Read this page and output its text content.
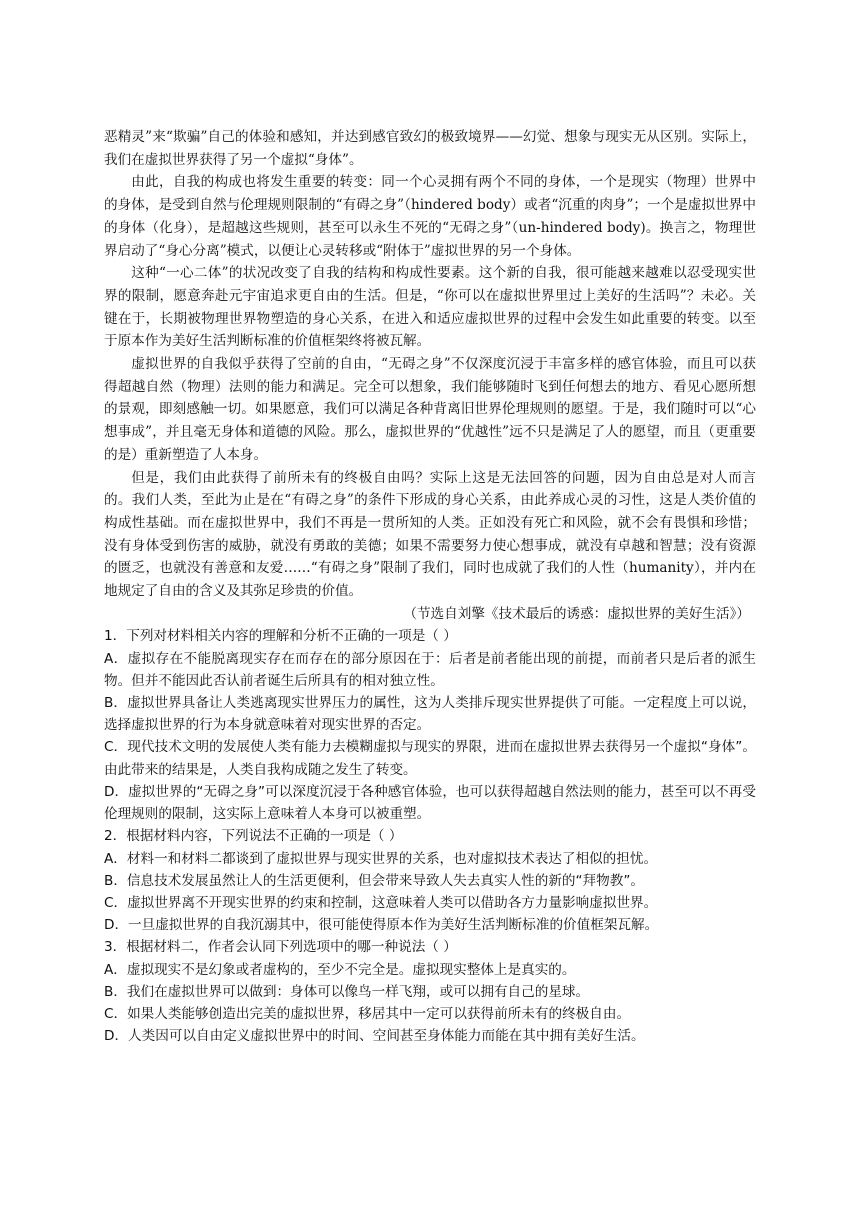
恶精灵”来“欺骗”自己的体验和感知，并达到感官致幻的极致境界——幻觉、想象与现实无从区别。实际上，我们在虚拟世界获得了另一个虚拟“身体”。

由此，自我的构成也将发生重要的转变：同一个心灵拥有两个不同的身体，一个是现实（物理）世界中的身体，是受到自然与伦理规则限制的“有碍之身”（hindered body）或者“沉重的肉身”；一个是虚拟世界中的身体（化身），是超越这些规则，甚至可以永生不死的“无碍之身”（un-hindered body)。换言之，物理世界启动了“身心分离”模式，以便让心灵转移或“附体于”虚拟世界的另一个身体。

这种“一心二体”的状况改变了自我的结构和构成性要素。这个新的自我，很可能越来越难以忍受现实世界的限制，愿意奔赴元宇宙追求更自由的生活。但是，“你可以在虚拟世界里过上美好的生活吗”？未必。关键在于，长期被物理世界物塑造的身心关系，在进入和适应虚拟世界的过程中会发生如此重要的转变。以至于原本作为美好生活判断标准的价值框架终将被瓦解。

虚拟世界的自我似乎获得了空前的自由，“无碍之身”不仅深度沉浸于丰富多样的感官体验，而且可以获得超越自然（物理）法则的能力和满足。完全可以想象，我们能够随时飞到任何想去的地方、看见心愿所想的景观，即刻感触一切。如果愿意，我们可以满足各种背离旧世界伦理规则的愿望。于是，我们随时可以“心想事成”，并且毫无身体和道德的风险。那么，虚拟世界的“优越性”远不只是满足了人的愿望，而且（更重要的是）重新塑造了人本身。

但是，我们由此获得了前所未有的终极自由吗？实际上这是无法回答的问题，因为自由总是对人而言的。我们人类，至此为止是在“有碍之身”的条件下形成的身心关系，由此养成心灵的习性，这是人类价值的构成性基础。而在虚拟世界中，我们不再是一贯所知的人类。正如没有死亡和风险，就不会有畏惧和珍惜；没有身体受到伤害的威胁，就没有勇敢的美德；如果不需要努力使心想事成，就没有卓越和智慧；没有资源的匮乏，也就没有善意和友爱……“有碍之身”限制了我们，同时也成就了我们的人性（humanity），并内在地规定了自由的含义及其弥足珍贵的价值。

（节选自刘擎《技术最后的诱惑：虚拟世界的美好生活》）

1．下列对材料相关内容的理解和分析不正确的一项是（ ）

A．虚拟存在不能脱离现实存在而存在的部分原因在于：后者是前者能出现的前提，而前者只是后者的派生物。但并不能因此否认前者诞生后所具有的相对独立性。

B．虚拟世界具备让人类逃离现实世界压力的属性，这为人类排斥现实世界提供了可能。一定程度上可以说，选择虚拟世界的行为本身就意味着对现实世界的否定。

C．现代技术文明的发展使人类有能力去模糊虚拟与现实的界限，进而在虚拟世界去获得另一个虚拟“身体”。由此带来的结果是，人类自我构成随之发生了转变。

D．虚拟世界的“无碍之身”可以深度沉浸于各种感官体验，也可以获得超越自然法则的能力，甚至可以不再受伦理规则的限制，这实际上意味着人本身可以被重塑。

2．根据材料内容，下列说法不正确的一项是（ ）

A．材料一和材料二都谈到了虚拟世界与现实世界的关系，也对虚拟技术表达了相似的担忧。

B．信息技术发展虽然让人的生活更便利，但会带来导致人失去真实人性的新的“拜物教”。

C．虚拟世界离不开现实世界的约束和控制，这意味着人类可以借助各方力量影响虚拟世界。

D．一旦虚拟世界的自我沉溺其中，很可能使得原本作为美好生活判断标准的价值框架瓦解。

3．根据材料二，作者会认同下列选项中的哪一种说法（ ）

A．虚拟现实不是幻象或者虚构的，至少不完全是。虚拟现实整体上是真实的。

B．我们在虚拟世界可以做到：身体可以像鸟一样飞翔，或可以拥有自己的星球。

C．如果人类能够创造出完美的虚拟世界，移居其中一定可以获得前所未有的终极自由。

D．人类因可以自由定义虚拟世界中的时间、空间甚至身体能力而能在其中拥有美好生活。
